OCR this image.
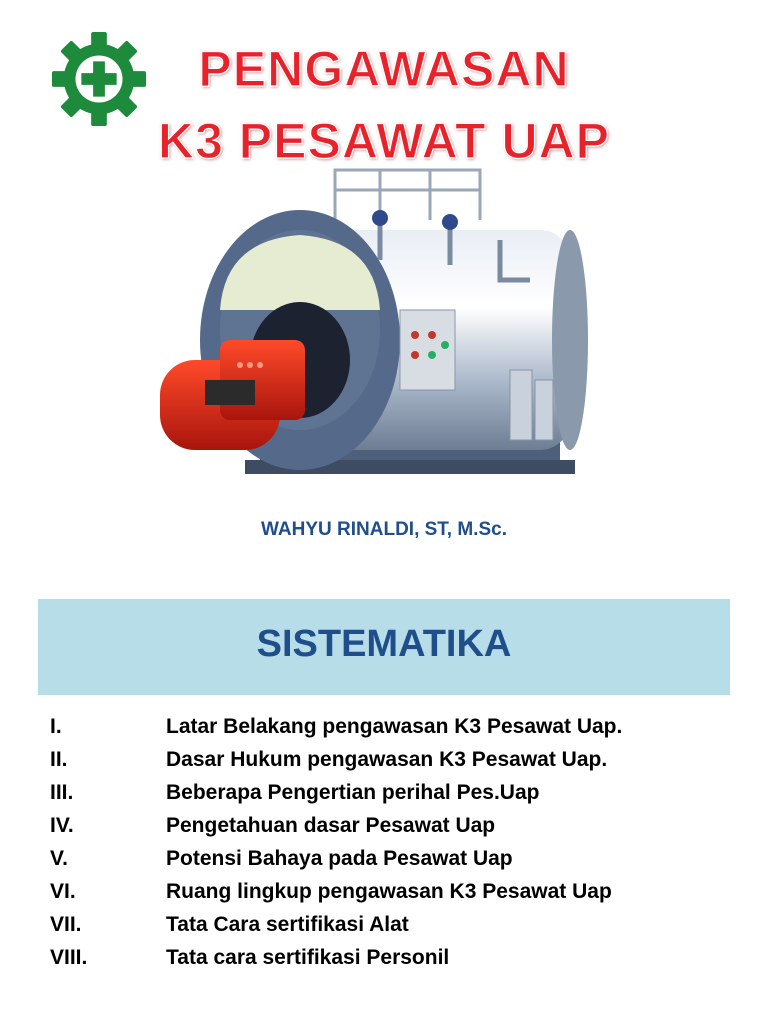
PENGAWASAN
K3 PESAWAT UAP
WAHYU RINALDI, ST, M.Sc.
SISTEMATIKA
I.	Latar Belakang pengawasan K3 Pesawat Uap.
II.	Dasar Hukum pengawasan K3 Pesawat Uap.
III.	Beberapa Pengertian perihal Pes.Uap
IV.	Pengetahuan dasar Pesawat Uap
V.	Potensi Bahaya pada Pesawat Uap
VI.	Ruang lingkup pengawasan K3 Pesawat Uap
VII.	Tata Cara sertifikasi Alat
VIII.	Tata cara sertifikasi Personil
